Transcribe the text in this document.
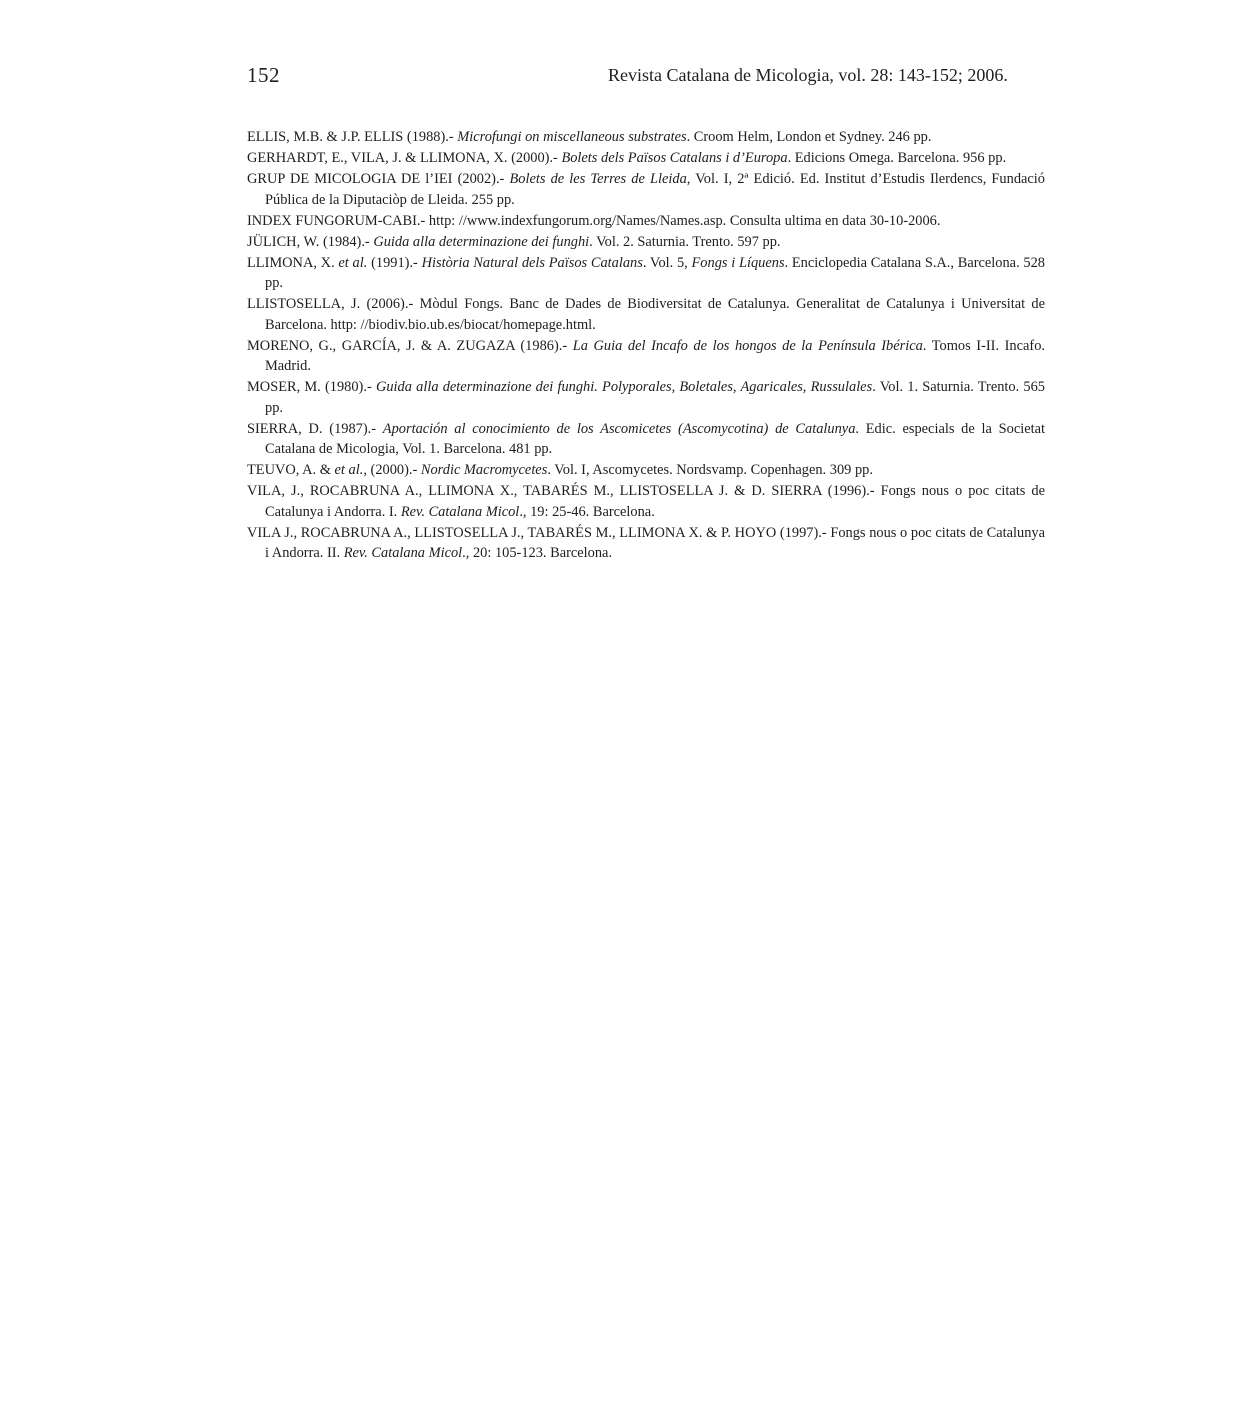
152	Revista Catalana de Micologia, vol. 28: 143-152; 2006.
ELLIS, M.B. & J.P. ELLIS (1988).- Microfungi on miscellaneous substrates. Croom Helm, London et Sydney. 246 pp.
GERHARDT, E., VILA, J. & LLIMONA, X. (2000).- Bolets dels Països Catalans i d’Europa. Edicions Omega. Barcelona. 956 pp.
GRUP DE MICOLOGIA DE l’IEI (2002).- Bolets de les Terres de Lleida, Vol. I, 2ª Edició. Ed. Institut d’Estudis Ilerdencs, Fundació Pública de la Diputaciòp de Lleida. 255 pp.
INDEX FUNGORUM-CABI.- http: //www.indexfungorum.org/Names/Names.asp. Consulta ultima en data 30-10-2006.
JÜLICH, W. (1984).- Guida alla determinazione dei funghi. Vol. 2. Saturnia. Trento. 597 pp.
LLIMONA, X. et al. (1991).- Història Natural dels Països Catalans. Vol. 5, Fongs i Líquens. Enciclopedia Catalana S.A., Barcelona. 528 pp.
LLISTOSELLA, J. (2006).- Mòdul Fongs. Banc de Dades de Biodiversitat de Catalunya. Generalitat de Catalunya i Universitat de Barcelona. http: //biodiv.bio.ub.es/biocat/homepage.html.
MORENO, G., GARCÍA, J. & A. ZUGAZA (1986).- La Guia del Incafo de los hongos de la Península Ibérica. Tomos I-II. Incafo. Madrid.
MOSER, M. (1980).- Guida alla determinazione dei funghi. Polyporales, Boletales, Agaricales, Russulales. Vol. 1. Saturnia. Trento. 565 pp.
SIERRA, D. (1987).- Aportación al conocimiento de los Ascomicetes (Ascomycotina) de Catalunya. Edic. especials de la Societat Catalana de Micologia, Vol. 1. Barcelona. 481 pp.
TEUVO, A. & et al., (2000).- Nordic Macromycetes. Vol. I, Ascomycetes. Nordsvamp. Copenhagen. 309 pp.
VILA, J., ROCABRUNA A., LLIMONA X., TABARÉS M., LLISTOSELLA J. & D. SIERRA (1996).- Fongs nous o poc citats de Catalunya i Andorra. I. Rev. Catalana Micol., 19: 25-46. Barcelona.
VILA J., ROCABRUNA A., LLISTOSELLA J., TABARÉS M., LLIMONA X. & P. HOYO (1997).- Fongs nous o poc citats de Catalunya i Andorra. II. Rev. Catalana Micol., 20: 105-123. Barcelona.
